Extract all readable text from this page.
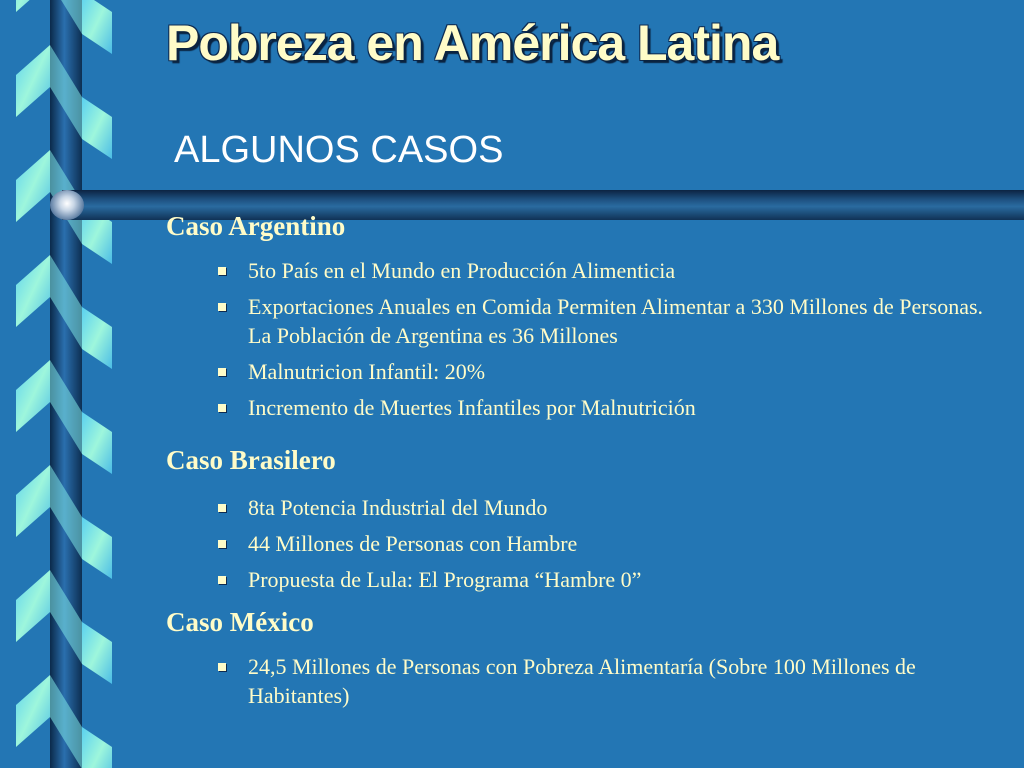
Pobreza en América Latina
ALGUNOS CASOS
Caso Argentino
5to País en el Mundo en Producción Alimenticia
Exportaciones Anuales en Comida Permiten Alimentar a 330 Millones de Personas. La Población de Argentina es 36 Millones
Malnutricion Infantil: 20%
Incremento de Muertes Infantiles por Malnutrición
Caso Brasilero
8ta Potencia Industrial del Mundo
44 Millones de Personas con Hambre
Propuesta de Lula: El Programa “Hambre 0”
Caso México
24,5 Millones de Personas con Pobreza Alimentaría (Sobre 100 Millones de Habitantes)
